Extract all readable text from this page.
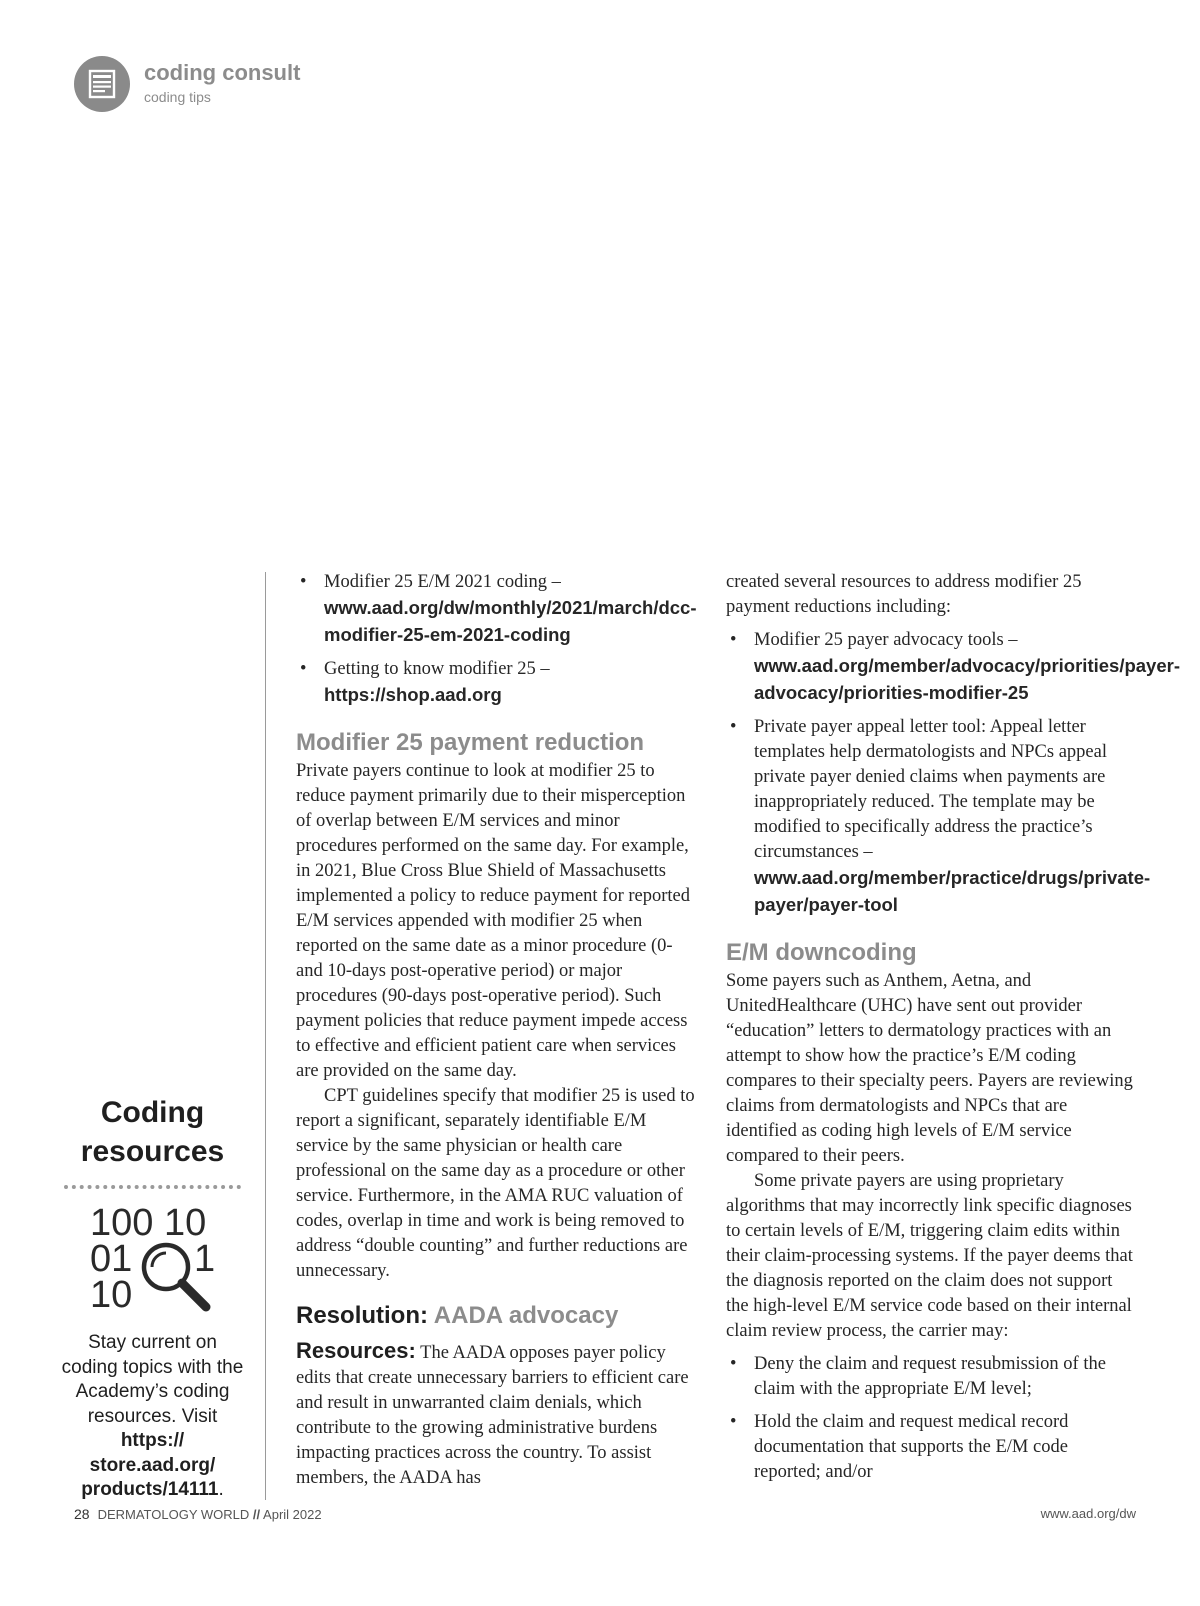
coding consult
coding tips
Coding
resources
100 10
01 1
10
Stay current on coding topics with the Academy’s coding resources. Visit https://
store.aad.org/
products/14111.
• Modifier 25 E/M 2021 coding – www.aad.org/dw/monthly/2021/march/dcc-modifier-25-em-2021-coding
• Getting to know modifier 25 – https://shop.aad.org
Modifier 25 payment reduction

Private payers continue to look at modifier 25 to reduce payment primarily due to their misperception of overlap between E/M services and minor procedures performed on the same day. For example, in 2021, Blue Cross Blue Shield of Massachusetts implemented a policy to reduce payment for reported E/M services appended with modifier 25 when reported on the same date as a minor procedure (0- and 10-days post-operative period) or major procedures (90-days post-operative period). Such payment policies that reduce payment impede access to effective and efficient patient care when services are provided on the same day.

CPT guidelines specify that modifier 25 is used to report a significant, separately identifiable E/M service by the same physician or health care professional on the same day as a procedure or other service. Furthermore, in the AMA RUC valuation of codes, overlap in time and work is being removed to address “double counting” and further reductions are unnecessary.

Resolution: AADA advocacy

Resources: The AADA opposes payer policy edits that create unnecessary barriers to efficient care and result in unwarranted claim denials, which contribute to the growing administrative burdens impacting practices across the country. To assist members, the AADA has

created several resources to address modifier 25 payment reductions including:

• Modifier 25 payer advocacy tools – www.aad.org/member/advocacy/priorities/payer-advocacy/priorities-modifier-25
• Private payer appeal letter tool: Appeal letter templates help dermatologists and NPCs appeal private payer denied claims when payments are inappropriately reduced. The template may be modified to specifically address the practice’s circumstances – www.aad.org/member/practice/drugs/private-payer/payer-tool
E/M downcoding

Some payers such as Anthem, Aetna, and UnitedHealthcare (UHC) have sent out provider “education” letters to dermatology practices with an attempt to show how the practice’s E/M coding compares to their specialty peers. Payers are reviewing claims from dermatologists and NPCs that are identified as coding high levels of E/M service compared to their peers.

Some private payers are using proprietary algorithms that may incorrectly link specific diagnoses to certain levels of E/M, triggering claim edits within their claim-processing systems. If the payer deems that the diagnosis reported on the claim does not support the high-level E/M service code based on their internal claim review process, the carrier may:

• Deny the claim and request resubmission of the claim with the appropriate E/M level;
• Hold the claim and request medical record documentation that supports the E/M code reported; and/or
28 DERMATOLOGY WORLD // April 2022	www.aad.org/dw
